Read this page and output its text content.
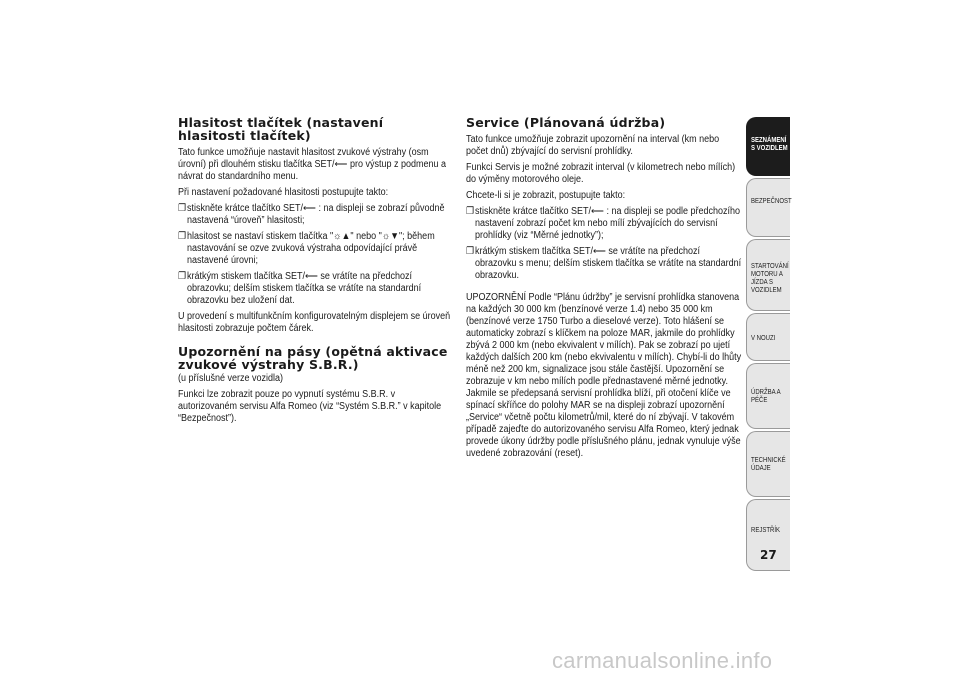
Hlasitost tlačítek (nastavení hlasitosti tlačítek)

Tato funkce umožňuje nastavit hlasitost zvukové výstrahy (osm úrovní) při dlouhém stisku tlačítka SET/⟵ pro výstup z podmenu a návrat do standardního menu.

Při nastavení požadované hlasitosti postupujte takto:

❐ stiskněte krátce tlačítko SET/⟵ : na displeji se zobrazí původně nastavená “úroveň” hlasitosti;
❐ hlasitost se nastaví stiskem tlačítka "☼▲" nebo "☼▼"; během nastavování se ozve zvuková výstraha odpovídající právě nastavené úrovni;
❐ krátkým stiskem tlačítka SET/⟵ se vrátíte na předchozí obrazovku; delším stiskem tlačítka se vrátíte na standardní obrazovku bez uložení dat.

U provedení s multifunkčním konfigurovatelným displejem se úroveň hlasitosti zobrazuje počtem čárek.

Upozornění na pásy (opětná aktivace zvukové výstrahy S.B.R.)

(u příslušné verze vozidla)

Funkci lze zobrazit pouze po vypnutí systému S.B.R. v autorizovaném servisu Alfa Romeo (viz “Systém S.B.R.” v kapitole “Bezpečnost”).

Service (Plánovaná údržba)

Tato funkce umožňuje zobrazit upozornění na interval (km nebo počet dnů) zbývající do servisní prohlídky.

Funkci Servis je možné zobrazit interval (v kilometrech nebo mílích) do výměny motorového oleje.

Chcete-li si je zobrazit, postupujte takto:

❐ stiskněte krátce tlačítko SET/⟵ : na displeji se podle předchozího nastavení zobrazí počet km nebo mílí zbývajících do servisní prohlídky (viz “Měrné jednotky”);
❐ krátkým stiskem tlačítka SET/⟵ se vrátíte na předchozí obrazovku s menu; delším stiskem tlačítka se vrátíte na standardní obrazovku.

UPOZORNĚNÍ Podle “Plánu údržby” je servisní prohlídka stanovena na každých 30 000 km (benzínové verze 1.4) nebo 35 000 km (benzínové verze 1750 Turbo a dieselové verze). Toto hlášení se automaticky zobrazí s klíčkem na poloze MAR, jakmile do prohlídky zbývá 2 000 km (nebo ekvivalent v mílích). Pak se zobrazí po ujetí každých dalších 200 km (nebo ekvivalentu v mílích). Chybí-li do lhůty méně než 200 km, signalizace jsou stále častější. Upozornění se zobrazuje v km nebo mílích podle přednastavené měrné jednotky. Jakmile se předepsaná servisní prohlídka blíží, při otočení klíče ve spínací skříňce do polohy MAR se na displeji zobrazí upozornění „Service“ včetně počtu kilometrů/mil, které do ní zbývají. V takovém případě zajeďte do autorizovaného servisu Alfa Romeo, který jednak provede úkony údržby podle příslušného plánu, jednak vynuluje výše uvedené zobrazování (reset).

SEZNÁMENÍ S VOZIDLEM
BEZPEČNOST
STARTOVÁNÍ MOTORU A JÍZDA S VOZIDLEM
V NOUZI
ÚDRŽBA A PÉČE
TECHNICKÉ ÚDAJE
REJSTŘÍK
27
carmanualsonline.info
